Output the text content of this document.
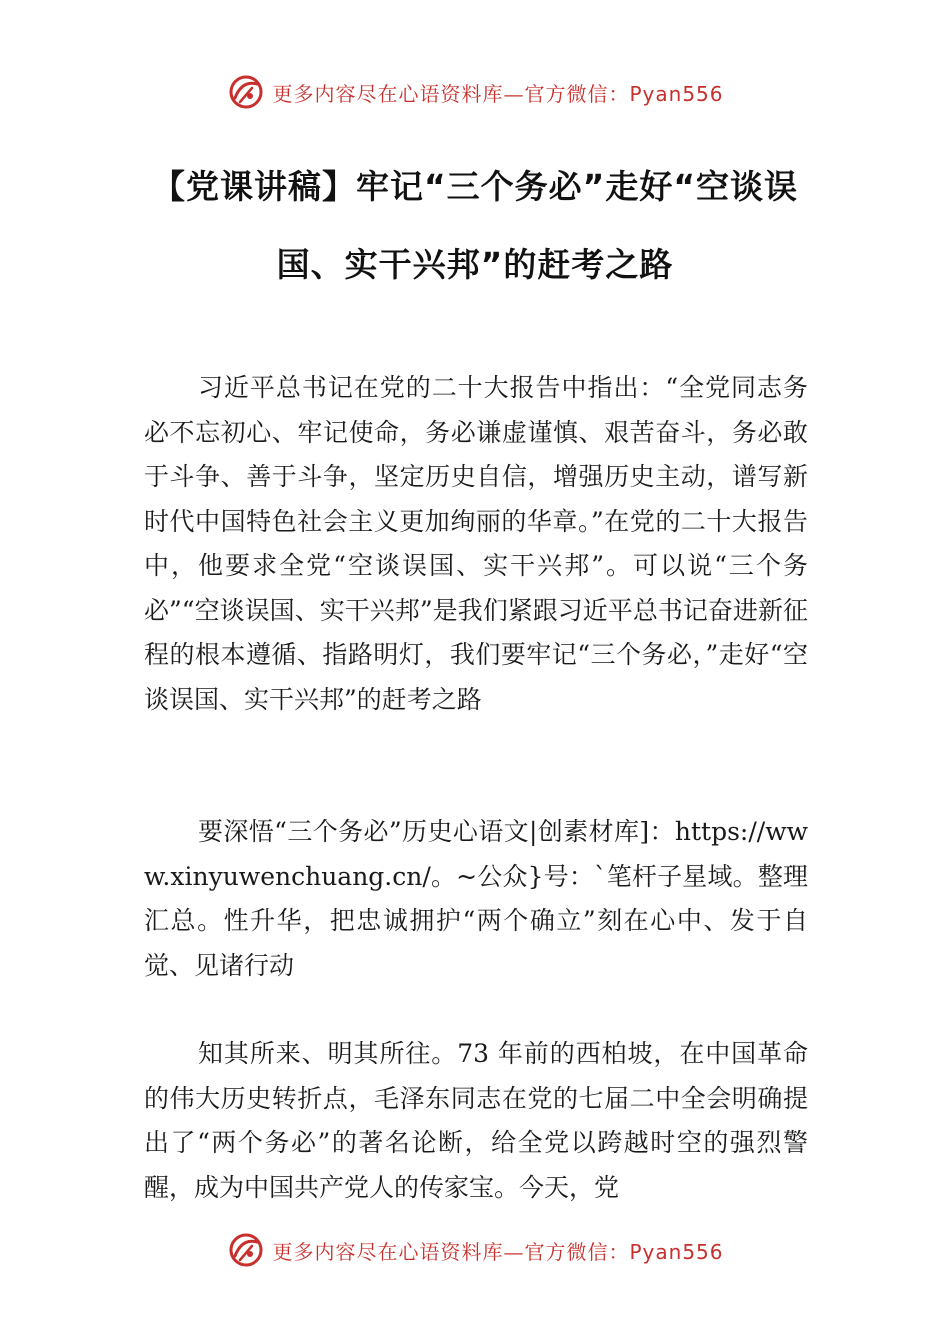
更多内容尽在心语资料库—官方微信：Pyan556
【党课讲稿】牢记“三个务必”走好“空谈误国、实干兴邦”的赶考之路

习近平总书记在党的二十大报告中指出：“全党同志务必不忘初心、牢记使命，务必谦虚谨慎、艰苦奋斗，务必敢于斗争、善于斗争，坚定历史自信，增强历史主动，谱写新时代中国特色社会主义更加绚丽的华章。”在党的二十大报告中，他要求全党“空谈误国、实干兴邦”。可以说“三个务必”“空谈误国、实干兴邦”是我们紧跟习近平总书记奋进新征程的根本遵循、指路明灯，我们要牢记“三个务必，”走好“空谈误国、实干兴邦”的赶考之路

要深悟“三个务必”历史心语文|创素材库]：https://www.xinyuwenchuang.cn/。~公众}号：`笔杆子星域。整理汇总。性升华，把忠诚拥护“两个确立”刻在心中、发于自觉、见诸行动

知其所来、明其所往。73 年前的西柏坡，在中国革命的伟大历史转折点，毛泽东同志在党的七届二中全会明确提出了“两个务必”的著名论断，给全党以跨越时空的强烈警醒，成为中国共产党人的传家宝。今天，党

更多内容尽在心语资料库—官方微信：Pyan556
